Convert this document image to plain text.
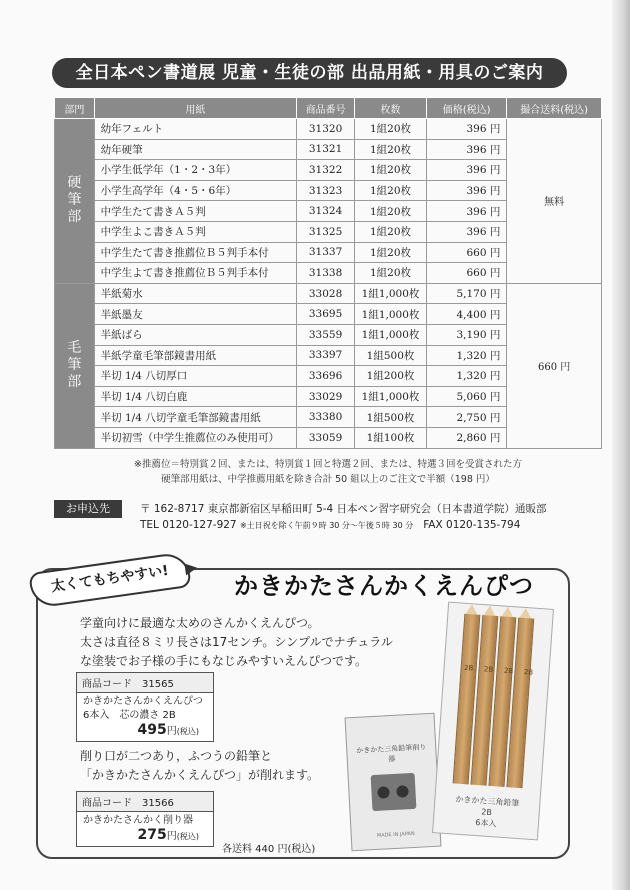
全日本ペン書道展 児童・生徒の部 出品用紙・用具のご案内
部門	用紙	商品番号	枚数	価格(税込)	撮合送料(税込)
硬
筆
部	幼年フェルト	31320	1組20枚	396 円	無料
	幼年硬筆	31321	1組20枚	396 円	
	小学生低学年（1・2・3年）	31322	1組20枚	396 円	
	小学生高学年（4・5・6年）	31323	1組20枚	396 円	
	中学生たて書きＡ５判	31324	1組20枚	396 円	
	中学生よこ書きＡ５判	31325	1組20枚	396 円	
	中学生たて書き推薦位Ｂ５判手本付	31337	1組20枚	660 円	
	中学生よて書き推薦位Ｂ５判手本付	31338	1組20枚	660 円	
毛
筆
部	半紙菊水	33028	1組1,000枚	5,170 円	660 円
	半紙墨友	33695	1組1,000枚	4,400 円	
	半紙ばら	33559	1組1,000枚	3,190 円	
	半紙学童毛筆部鏡書用紙	33397	1組500枚	1,320 円	
	半切 1/4 八切厚口	33696	1組200枚	1,320 円	
	半切 1/4 八切白鹿	33029	1組1,000枚	5,060 円	
	半切 1/4 八切学童毛筆部鏡書用紙	33380	1組500枚	2,750 円	
	半切初雪（中学生推薦位のみ使用可）	33059	1組100枚	2,860 円	
※推薦位＝特別賞２回、または、特別賞１回と特選２回、または、特選３回を受賞された方
硬筆部用紙は、中学推薦用紙を除き合計 50 組以上のご注文で半額（198 円）
お申込先	〒 162-8717 東京都新宿区早稲田町 5-4 日本ペン習字研究会（日本書道学院）通販部
TEL 0120-127-927 ※土日祝を除く午前９時 30 分～午後５時 30 分 FAX 0120-135-794
太くてもちやすい!	かきかたさんかくえんぴつ
学童向けに最適な太めのさんかくえんぴつ。
太さは直径８ミリ長さは17センチ。シンプルでナチュラル
な塗装でお子様の手にもなじみやすいえんぴつです。
商品コード　31565
かきかたさんかくえんぴつ
6本入　芯の濃さ 2B
495円(税込)
削り口が二つあり，ふつうの鉛筆と
「かきかたさんかくえんぴつ」が削れます。
商品コード　31566
かきかたさんかく削り器
275円(税込)
各送料 440 円(税込)
かきかた三角鉛筆削り器
MADE IN JAPAN
2B 2B 2B 2B
かきかた三角鉛筆
2B
6本入
